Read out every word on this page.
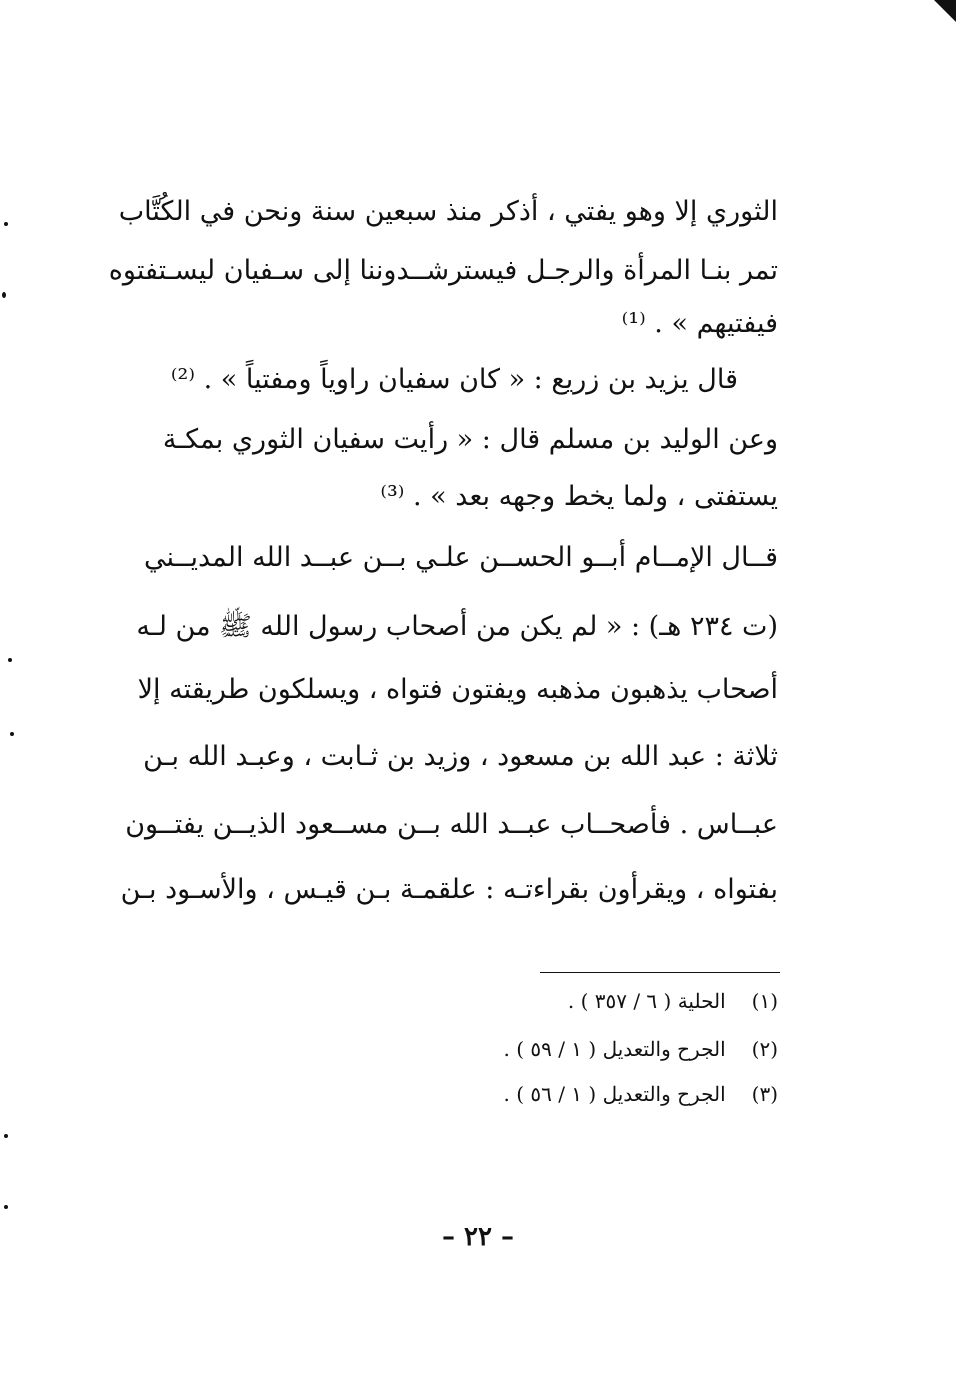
الثوري إلا وهو يفتي ، أذكر منذ سبعين سنة ونحن في الكُتَّاب
تمر بنـا المرأة والرجـل فيسترشــدوننا إلى سـفيان ليسـتفتوه
فيفتيهم » . ⁽¹⁾
قال يزيد بن زريع : « كان سفيان راوياً ومفتياً » . ⁽²⁾
وعن الوليد بن مسلم قال : « رأيت سفيان الثوري بمكـة
يستفتى ، ولما يخط وجهه بعد » . ⁽³⁾
قــال الإمــام أبــو الحســن علـي بــن عبــد الله المديــني
(ت ٢٣٤ هـ) : « لم يكن من أصحاب رسول الله ﷺ من لـه
أصحاب يذهبون مذهبه ويفتون فتواه ، ويسلكون طريقته إلا
ثلاثة : عبد الله بن مسعود ، وزيد بن ثـابت ، وعبـد الله بـن
عبــاس . فأصحــاب عبــد الله بــن مســعود الذيــن يفتــون
بفتواه ، ويقرأون بقراءتـه : علقمـة بـن قيـس ، والأسـود بـن
(١) الحلية ( ٦ / ٣٥٧ ) .
(٢) الجرح والتعديل ( ١ / ٥٩ ) .
(٣) الجرح والتعديل ( ١ / ٥٦ ) .
– ٢٢ –
